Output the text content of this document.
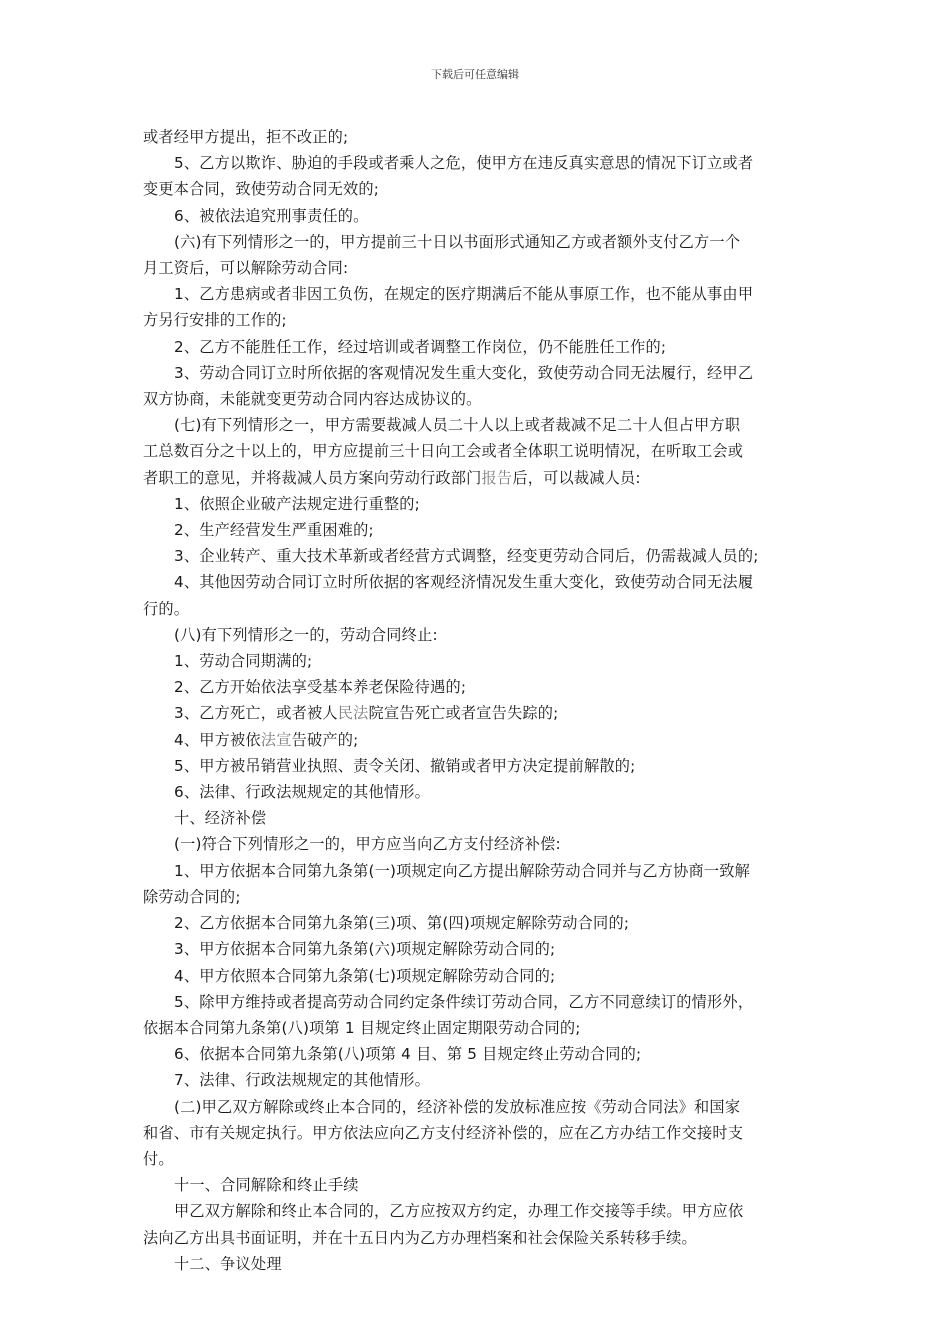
下载后可任意编辑

或者经甲方提出，拒不改正的;

5、乙方以欺诈、胁迫的手段或者乘人之危，使甲方在违反真实意思的情况下订立或者

变更本合同，致使劳动合同无效的;

6、被依法追究刑事责任的。

(六)有下列情形之一的，甲方提前三十日以书面形式通知乙方或者额外支付乙方一个

月工资后，可以解除劳动合同:

1、乙方患病或者非因工负伤，在规定的医疗期满后不能从事原工作，也不能从事由甲

方另行安排的工作的;

2、乙方不能胜任工作，经过培训或者调整工作岗位，仍不能胜任工作的;

3、劳动合同订立时所依据的客观情况发生重大变化，致使劳动合同无法履行，经甲乙

双方协商，未能就变更劳动合同内容达成协议的。

(七)有下列情形之一，甲方需要裁减人员二十人以上或者裁减不足二十人但占甲方职

工总数百分之十以上的，甲方应提前三十日向工会或者全体职工说明情况，在听取工会或

者职工的意见，并将裁减人员方案向劳动行政部门报告后，可以裁减人员:

1、依照企业破产法规定进行重整的;

2、生产经营发生严重困难的;

3、企业转产、重大技术革新或者经营方式调整，经变更劳动合同后，仍需裁减人员的;

4、其他因劳动合同订立时所依据的客观经济情况发生重大变化，致使劳动合同无法履

行的。

(八)有下列情形之一的，劳动合同终止:

1、劳动合同期满的;

2、乙方开始依法享受基本养老保险待遇的;

3、乙方死亡，或者被人民法院宣告死亡或者宣告失踪的;

4、甲方被依法宣告破产的;

5、甲方被吊销营业执照、责令关闭、撤销或者甲方决定提前解散的;

6、法律、行政法规规定的其他情形。

十、经济补偿

(一)符合下列情形之一的，甲方应当向乙方支付经济补偿:

1、甲方依据本合同第九条第(一)项规定向乙方提出解除劳动合同并与乙方协商一致解

除劳动合同的;

2、乙方依据本合同第九条第(三)项、第(四)项规定解除劳动合同的;

3、甲方依据本合同第九条第(六)项规定解除劳动合同的;

4、甲方依照本合同第九条第(七)项规定解除劳动合同的;

5、除甲方维持或者提高劳动合同约定条件续订劳动合同，乙方不同意续订的情形外，

依据本合同第九条第(八)项第 1 目规定终止固定期限劳动合同的;

6、依据本合同第九条第(八)项第 4 目、第 5 目规定终止劳动合同的;

7、法律、行政法规规定的其他情形。

(二)甲乙双方解除或终止本合同的，经济补偿的发放标准应按《劳动合同法》和国家

和省、市有关规定执行。甲方依法应向乙方支付经济补偿的，应在乙方办结工作交接时支

付。

十一、合同解除和终止手续

甲乙双方解除和终止本合同的，乙方应按双方约定，办理工作交接等手续。甲方应依

法向乙方出具书面证明，并在十五日内为乙方办理档案和社会保险关系转移手续。

十二、争议处理
